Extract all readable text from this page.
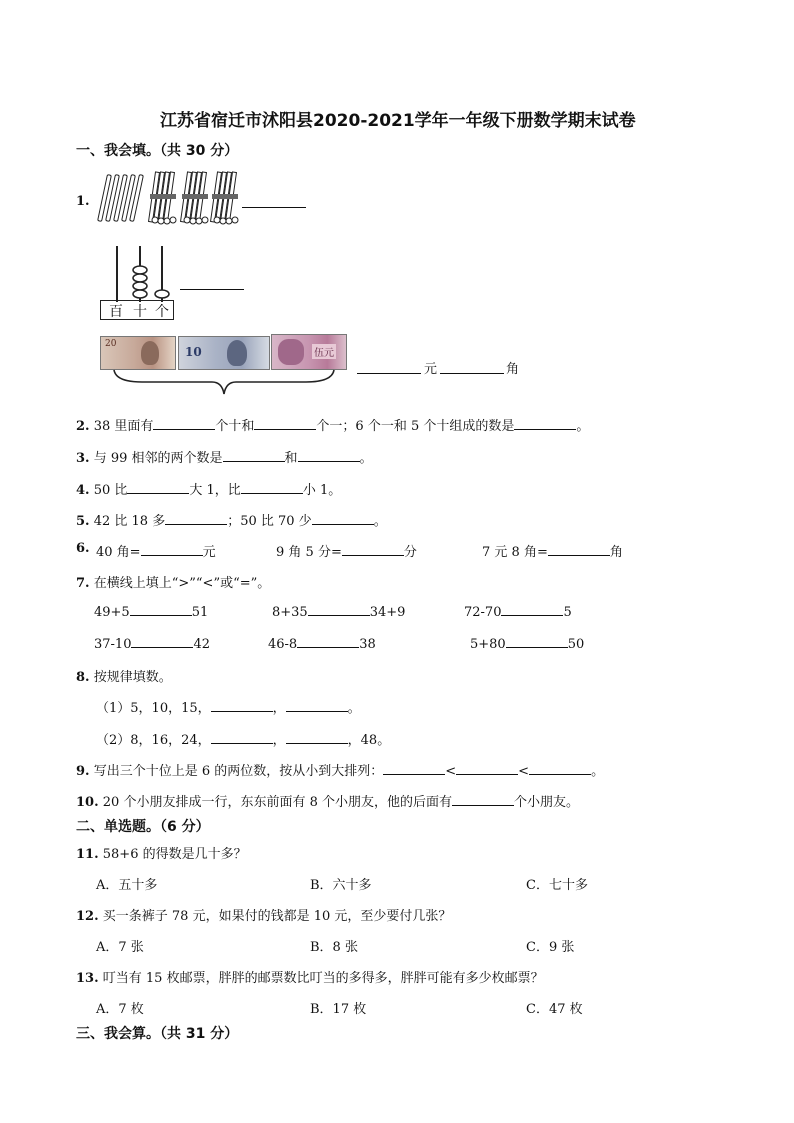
江苏省宿迁市沭阳县2020-2021学年一年级下册数学期末试卷
一、我会填。（共 30 分）
1.
百 十 个
20
10	伍元
元	角
2. 38 里面有	个十和	个一；6 个一和 5 个十组成的数是	。
3. 与 99 相邻的两个数是	和	。
4. 50 比	大 1，比	小 1。
5. 42 比 18 多	；50 比 70 少	。
6. 40 角=	元	9 角 5 分=	分	7 元 8 角=	角
7. 在横线上填上“>”“<”或“=”。
49+5	51	8+35	34+9	72-70	5
37-10	42	46-8	38	5+80	50
8. 按规律填数。
（1）5，10，15，	，	。
（2）8，16，24，	，	，48。
9. 写出三个十位上是 6 的两位数，按从小到大排列：	<	<	。
10. 20 个小朋友排成一行，东东前面有 8 个小朋友，他的后面有	个小朋友。
二、单选题。（6 分）
11. 58+6 的得数是几十多？
A．五十多	B．六十多	C．七十多
12. 买一条裤子 78 元，如果付的钱都是 10 元，至少要付几张？
A．7 张	B．8 张	C．9 张
13. 叮当有 15 枚邮票，胖胖的邮票数比叮当的多得多，胖胖可能有多少枚邮票？
A．7 枚	B．17 枚	C．47 枚
三、我会算。（共 31 分）
